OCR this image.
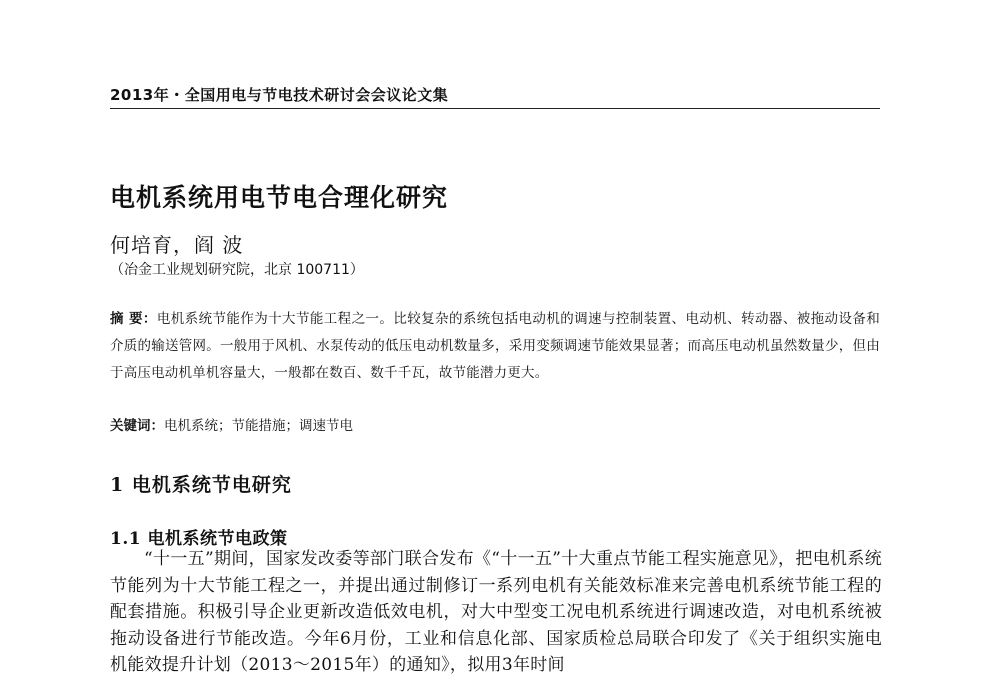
2013年・全国用电与节电技术研讨会会议论文集
电机系统用电节电合理化研究
何培育，阎 波
（冶金工业规划研究院，北京 100711）
摘 要：电机系统节能作为十大节能工程之一。比较复杂的系统包括电动机的调速与控制装置、电动机、转动器、被拖动设备和介质的输送管网。一般用于风机、水泵传动的低压电动机数量多，采用变频调速节能效果显著；而高压电动机虽然数量少，但由于高压电动机单机容量大，一般都在数百、数千千瓦，故节能潜力更大。
关键词：电机系统；节能措施；调速节电
1 电机系统节电研究
1.1 电机系统节电政策
“十一五”期间，国家发改委等部门联合发布《“十一五”十大重点节能工程实施意见》，把电机系统节能列为十大节能工程之一，并提出通过制修订一系列电机有关能效标准来完善电机系统节能工程的配套措施。积极引导企业更新改造低效电机，对大中型变工况电机系统进行调速改造，对电机系统被拖动设备进行节能改造。今年6月份，工业和信息化部、国家质检总局联合印发了《关于组织实施电机能效提升计划（2013～2015年）的通知》，拟用3年时间
